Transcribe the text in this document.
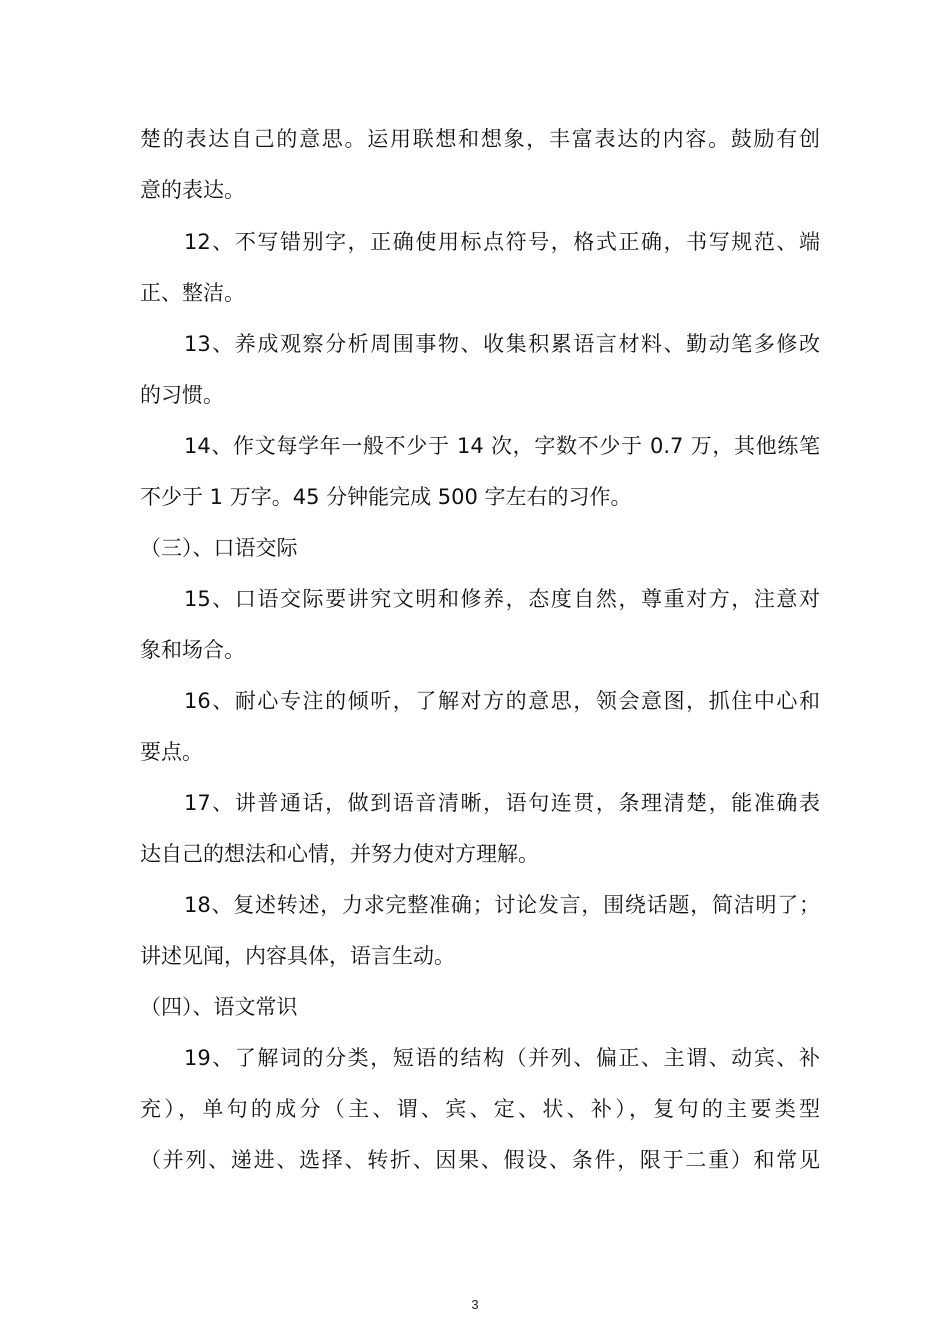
楚的表达自己的意思。运用联想和想象，丰富表达的内容。鼓励有创
意的表达。
12、不写错别字，正确使用标点符号，格式正确，书写规范、端
正、整洁。
13、养成观察分析周围事物、收集积累语言材料、勤动笔多修改
的习惯。
14、作文每学年一般不少于 14 次，字数不少于 0.7 万，其他练笔
不少于 1 万字。45 分钟能完成 500 字左右的习作。
（三）、口语交际
15、口语交际要讲究文明和修养，态度自然，尊重对方，注意对
象和场合。
16、耐心专注的倾听，了解对方的意思，领会意图，抓住中心和
要点。
17、讲普通话，做到语音清晰，语句连贯，条理清楚，能准确表
达自己的想法和心情，并努力使对方理解。
18、复述转述，力求完整准确；讨论发言，围绕话题，简洁明了；
讲述见闻，内容具体，语言生动。
（四）、语文常识
19、了解词的分类，短语的结构（并列、偏正、主谓、动宾、补
充），单句的成分（主、谓、宾、定、状、补），复句的主要类型
（并列、递进、选择、转折、因果、假设、条件，限于二重）和常见
3
